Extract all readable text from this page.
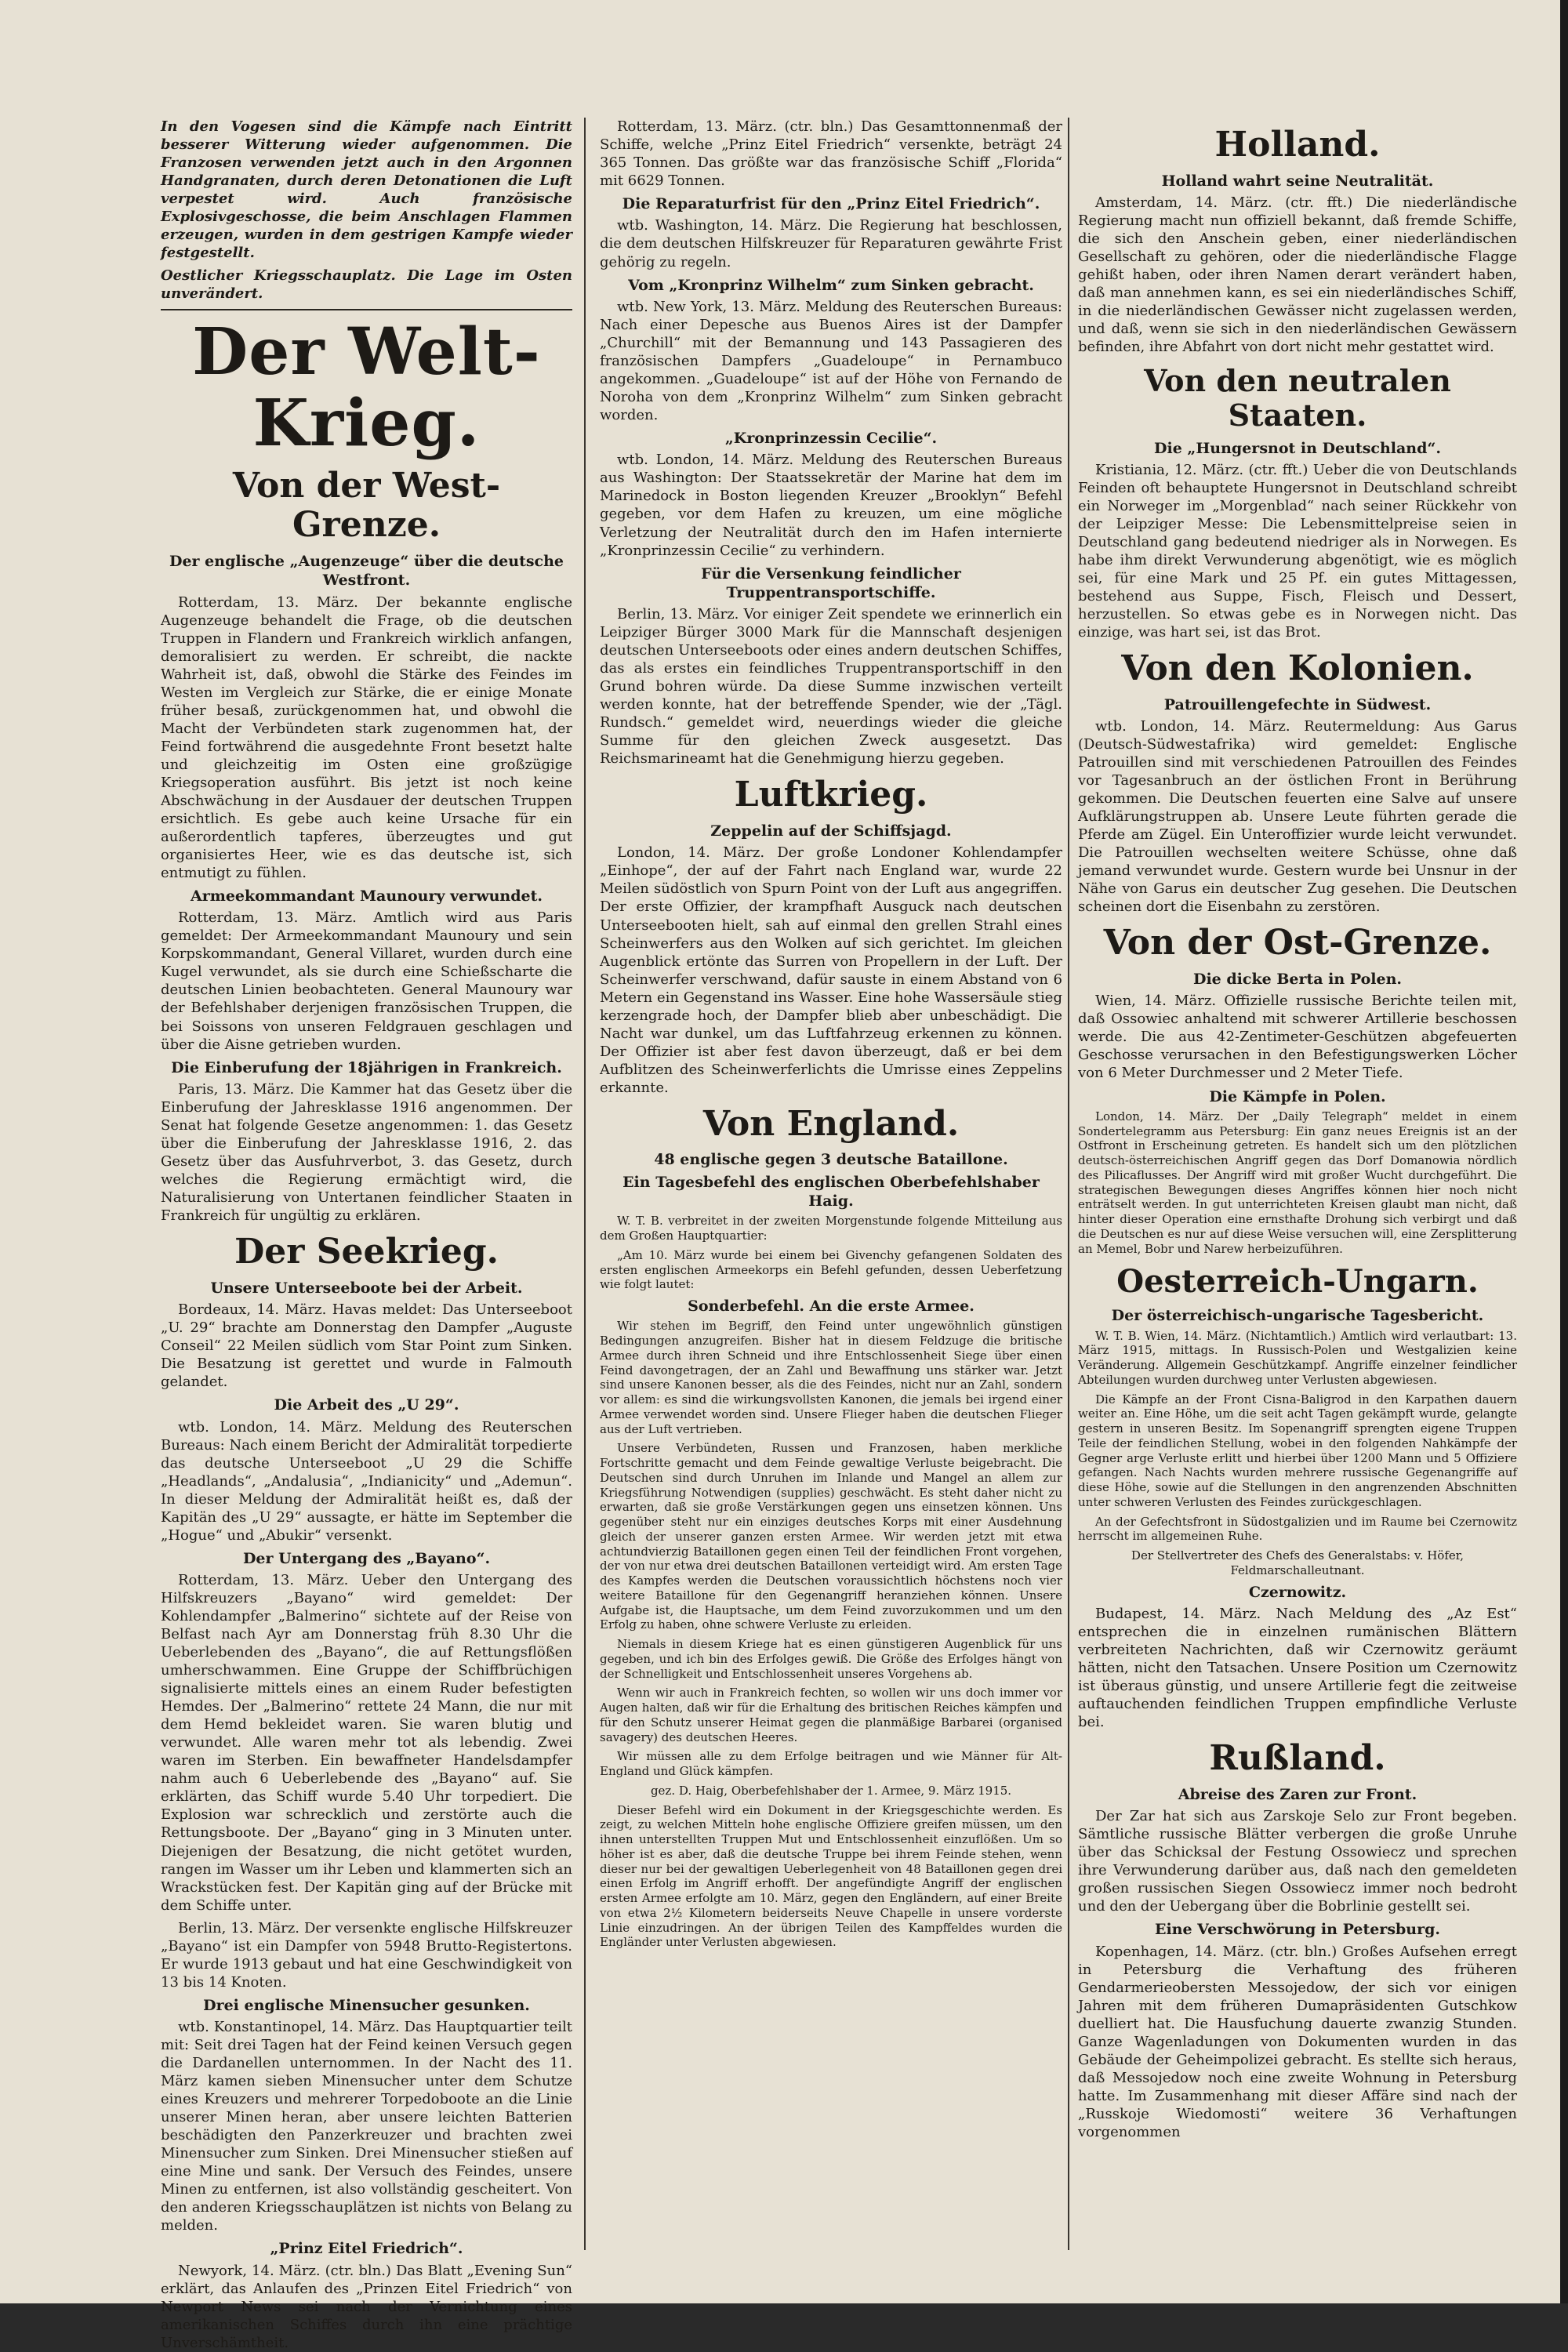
In den Vogesen sind die Kämpfe nach Eintritt besserer Witterung wieder aufgenommen. Die Franzosen verwenden jetzt auch in den Argonnen Handgranaten, durch deren Detonationen die Luft verpestet wird. Auch französische Explosivgeschosse, die beim Anschlagen Flammen erzeugen, wurden in dem gestrigen Kampfe wieder festgestellt.

Oestlicher Kriegsschauplatz. Die Lage im Osten unverändert.

Der Welt-Krieg.
Von der West-Grenze.
Der englische „Augenzeuge“ über die deutsche Westfront.

Rotterdam, 13. März. Der bekannte englische Augenzeuge behandelt die Frage, ob die deutschen Truppen in Flandern und Frankreich wirklich anfangen, demoralisiert zu werden. Er schreibt, die nackte Wahrheit ist, daß, obwohl die Stärke des Feindes im Westen im Vergleich zur Stärke, die er einige Monate früher besaß, zurückgenommen hat, und obwohl die Macht der Verbündeten stark zugenommen hat, der Feind fortwährend die ausgedehnte Front besetzt halte und gleichzeitig im Osten eine großzügige Kriegsoperation ausführt. Bis jetzt ist noch keine Abschwächung in der Ausdauer der deutschen Truppen ersichtlich. Es gebe auch keine Ursache für ein außerordentlich tapferes, überzeugtes und gut organisiertes Heer, wie es das deutsche ist, sich entmutigt zu fühlen.

Armeekommandant Maunoury verwundet.

Rotterdam, 13. März. Amtlich wird aus Paris gemeldet: Der Armeekommandant Maunoury und sein Korpskommandant, General Villaret, wurden durch eine Kugel verwundet, als sie durch eine Schießscharte die deutschen Linien beobachteten. General Maunoury war der Befehlshaber derjenigen französischen Truppen, die bei Soissons von unseren Feldgrauen geschlagen und über die Aisne getrieben wurden.

Die Einberufung der 18jährigen in Frankreich.

Paris, 13. März. Die Kammer hat das Gesetz über die Einberufung der Jahresklasse 1916 angenommen. Der Senat hat folgende Gesetze angenommen: 1. das Gesetz über die Einberufung der Jahresklasse 1916, 2. das Gesetz über das Ausfuhrverbot, 3. das Gesetz, durch welches die Regierung ermächtigt wird, die Naturalisierung von Untertanen feindlicher Staaten in Frankreich für ungültig zu erklären.

Der Seekrieg.
Unsere Unterseeboote bei der Arbeit.

Bordeaux, 14. März. Havas meldet: Das Unterseeboot „U. 29“ brachte am Donnerstag den Dampfer „Auguste Conseil“ 22 Meilen südlich vom Star Point zum Sinken. Die Besatzung ist gerettet und wurde in Falmouth gelandet.

Die Arbeit des „U 29“.

wtb. London, 14. März. Meldung des Reuterschen Bureaus: Nach einem Bericht der Admiralität torpedierte das deutsche Unterseeboot „U 29 die Schiffe „Headlands“, „Andalusia“, „Indianicity“ und „Ademun“. In dieser Meldung der Admiralität heißt es, daß der Kapitän des „U 29“ aussagte, er hätte im September die „Hogue“ und „Abukir“ versenkt.

Der Untergang des „Bayano“.

Rotterdam, 13. März. Ueber den Untergang des Hilfskreuzers „Bayano“ wird gemeldet: Der Kohlendampfer „Balmerino“ sichtete auf der Reise von Belfast nach Ayr am Donnerstag früh 8.30 Uhr die Ueberlebenden des „Bayano“, die auf Rettungsflößen umherschwammen. Eine Gruppe der Schiffbrüchigen signalisierte mittels eines an einem Ruder befestigten Hemdes. Der „Balmerino“ rettete 24 Mann, die nur mit dem Hemd bekleidet waren. Sie waren blutig und verwundet. Alle waren mehr tot als lebendig. Zwei waren im Sterben. Ein bewaffneter Handelsdampfer nahm auch 6 Ueberlebende des „Bayano“ auf. Sie erklärten, das Schiff wurde 5.40 Uhr torpediert. Die Explosion war schrecklich und zerstörte auch die Rettungsboote. Der „Bayano“ ging in 3 Minuten unter. Diejenigen der Besatzung, die nicht getötet wurden, rangen im Wasser um ihr Leben und klammerten sich an Wrackstücken fest. Der Kapitän ging auf der Brücke mit dem Schiffe unter.

Berlin, 13. März. Der versenkte englische Hilfskreuzer „Bayano“ ist ein Dampfer von 5948 Brutto-Registertons. Er wurde 1913 gebaut und hat eine Geschwindigkeit von 13 bis 14 Knoten.

Drei englische Minensucher gesunken.

wtb. Konstantinopel, 14. März. Das Hauptquartier teilt mit: Seit drei Tagen hat der Feind keinen Versuch gegen die Dardanellen unternommen. In der Nacht des 11. März kamen sieben Minensucher unter dem Schutze eines Kreuzers und mehrerer Torpedoboote an die Linie unserer Minen heran, aber unsere leichten Batterien beschädigten den Panzerkreuzer und brachten zwei Minensucher zum Sinken. Drei Minensucher stießen auf eine Mine und sank. Der Versuch des Feindes, unsere Minen zu entfernen, ist also vollständig gescheitert. Von den anderen Kriegsschauplätzen ist nichts von Belang zu melden.

„Prinz Eitel Friedrich“.

Newyork, 14. März. (ctr. bln.) Das Blatt „Evening Sun“ erklärt, das Anlaufen des „Prinzen Eitel Friedrich“ von Newport News sei nach der Vernichtung eines amerikanischen Schiffes durch ihn eine prächtige Unverschämtheit.

Rotterdam, 13. März. (ctr. bln.) Das Gesamttonnenmaß der Schiffe, welche „Prinz Eitel Friedrich“ versenkte, beträgt 24 365 Tonnen. Das größte war das französische Schiff „Florida“ mit 6629 Tonnen.

Die Reparaturfrist für den „Prinz Eitel Friedrich“.

wtb. Washington, 14. März. Die Regierung hat beschlossen, die dem deutschen Hilfskreuzer für Reparaturen gewährte Frist gehörig zu regeln.

Vom „Kronprinz Wilhelm“ zum Sinken gebracht.

wtb. New York, 13. März. Meldung des Reuterschen Bureaus: Nach einer Depesche aus Buenos Aires ist der Dampfer „Churchill“ mit der Bemannung und 143 Passagieren des französischen Dampfers „Guadeloupe“ in Pernambuco angekommen. „Guadeloupe“ ist auf der Höhe von Fernando de Noroha von dem „Kronprinz Wilhelm“ zum Sinken gebracht worden.

„Kronprinzessin Cecilie“.

wtb. London, 14. März. Meldung des Reuterschen Bureaus aus Washington: Der Staatssekretär der Marine hat dem im Marinedock in Boston liegenden Kreuzer „Brooklyn“ Befehl gegeben, vor dem Hafen zu kreuzen, um eine mögliche Verletzung der Neutralität durch den im Hafen internierte „Kronprinzessin Cecilie“ zu verhindern.

Für die Versenkung feindlicher Truppentransportschiffe.

Berlin, 13. März. Vor einiger Zeit spendete we erinnerlich ein Leipziger Bürger 3000 Mark für die Mannschaft desjenigen deutschen Unterseeboots oder eines andern deutschen Schiffes, das als erstes ein feindliches Truppentransportschiff in den Grund bohren würde. Da diese Summe inzwischen verteilt werden konnte, hat der betreffende Spender, wie der „Tägl. Rundsch.“ gemeldet wird, neuerdings wieder die gleiche Summe für den gleichen Zweck ausgesetzt. Das Reichsmarineamt hat die Genehmigung hierzu gegeben.

Luftkrieg.
Zeppelin auf der Schiffsjagd.

London, 14. März. Der große Londoner Kohlendampfer „Einhope“, der auf der Fahrt nach England war, wurde 22 Meilen südöstlich von Spurn Point von der Luft aus angegriffen. Der erste Offizier, der krampfhaft Ausguck nach deutschen Unterseebooten hielt, sah auf einmal den grellen Strahl eines Scheinwerfers aus den Wolken auf sich gerichtet. Im gleichen Augenblick ertönte das Surren von Propellern in der Luft. Der Scheinwerfer verschwand, dafür sauste in einem Abstand von 6 Metern ein Gegenstand ins Wasser. Eine hohe Wassersäule stieg kerzengrade hoch, der Dampfer blieb aber unbeschädigt. Die Nacht war dunkel, um das Luftfahrzeug erkennen zu können. Der Offizier ist aber fest davon überzeugt, daß er bei dem Aufblitzen des Scheinwerferlichts die Umrisse eines Zeppelins erkannte.

Von England.
48 englische gegen 3 deutsche Bataillone.
Ein Tagesbefehl des englischen Oberbefehlshaber Haig.

W. T. B. verbreitet in der zweiten Morgenstunde folgende Mitteilung aus dem Großen Hauptquartier:

„Am 10. März wurde bei einem bei Givenchy gefangenen Soldaten des ersten englischen Armeekorps ein Befehl gefunden, dessen Ueberfetzung wie folgt lautet:

Sonderbefehl. An die erste Armee.

Wir stehen im Begriff, den Feind unter ungewöhnlich günstigen Bedingungen anzugreifen. Bisher hat in diesem Feldzuge die britische Armee durch ihren Schneid und ihre Entschlossenheit Siege über einen Feind davongetragen, der an Zahl und Bewaffnung uns stärker war. Jetzt sind unsere Kanonen besser, als die des Feindes, nicht nur an Zahl, sondern vor allem: es sind die wirkungsvollsten Kanonen, die jemals bei irgend einer Armee verwendet worden sind. Unsere Flieger haben die deutschen Flieger aus der Luft vertrieben.

Unsere Verbündeten, Russen und Franzosen, haben merkliche Fortschritte gemacht und dem Feinde gewaltige Verluste beigebracht. Die Deutschen sind durch Unruhen im Inlande und Mangel an allem zur Kriegsführung Notwendigen (supplies) geschwächt. Es steht daher nicht zu erwarten, daß sie große Verstärkungen gegen uns einsetzen können. Uns gegenüber steht nur ein einziges deutsches Korps mit einer Ausdehnung gleich der unserer ganzen ersten Armee. Wir werden jetzt mit etwa achtundvierzig Bataillonen gegen einen Teil der feindlichen Front vorgehen, der von nur etwa drei deutschen Bataillonen verteidigt wird. Am ersten Tage des Kampfes werden die Deutschen voraussichtlich höchstens noch vier weitere Bataillone für den Gegenangriff heranziehen können. Unsere Aufgabe ist, die Hauptsache, um dem Feind zuvorzukommen und um den Erfolg zu haben, ohne schwere Verluste zu erleiden.

Niemals in diesem Kriege hat es einen günstigeren Augenblick für uns gegeben, und ich bin des Erfolges gewiß. Die Größe des Erfolges hängt von der Schnelligkeit und Entschlossenheit unseres Vorgehens ab.

Wenn wir auch in Frankreich fechten, so wollen wir uns doch immer vor Augen halten, daß wir für die Erhaltung des britischen Reiches kämpfen und für den Schutz unserer Heimat gegen die planmäßige Barbarei (organised savagery) des deutschen Heeres.

Wir müssen alle zu dem Erfolge beitragen und wie Männer für Alt-England und Glück kämpfen.

gez. D. Haig, Oberbefehlshaber der 1. Armee, 9. März 1915.

Dieser Befehl wird ein Dokument in der Kriegsgeschichte werden. Es zeigt, zu welchen Mitteln hohe englische Offiziere greifen müssen, um den ihnen unterstellten Truppen Mut und Entschlossenheit einzuflößen. Um so höher ist es aber, daß die deutsche Truppe bei ihrem Feinde stehen, wenn dieser nur bei der gewaltigen Ueberlegenheit von 48 Bataillonen gegen drei einen Erfolg im Angriff erhofft. Der angefündigte Angriff der englischen ersten Armee erfolgte am 10. März, gegen den Engländern, auf einer Breite von etwa 2½ Kilometern beiderseits Neuve Chapelle in unsere vorderste Linie einzudringen. An der übrigen Teilen des Kampffeldes wurden die Engländer unter Verlusten abgewiesen.

Holland.
Holland wahrt seine Neutralität.

Amsterdam, 14. März. (ctr. fft.) Die niederländische Regierung macht nun offiziell bekannt, daß fremde Schiffe, die sich den Anschein geben, einer niederländischen Gesellschaft zu gehören, oder die niederländische Flagge gehißt haben, oder ihren Namen derart verändert haben, daß man annehmen kann, es sei ein niederländisches Schiff, in die niederländischen Gewässer nicht zugelassen werden, und daß, wenn sie sich in den niederländischen Gewässern befinden, ihre Abfahrt von dort nicht mehr gestattet wird.

Von den neutralen Staaten.
Die „Hungersnot in Deutschland“.

Kristiania, 12. März. (ctr. fft.) Ueber die von Deutschlands Feinden oft behauptete Hungersnot in Deutschland schreibt ein Norweger im „Morgenblad“ nach seiner Rückkehr von der Leipziger Messe: Die Lebensmittelpreise seien in Deutschland gang bedeutend niedriger als in Norwegen. Es habe ihm direkt Verwunderung abgenötigt, wie es möglich sei, für eine Mark und 25 Pf. ein gutes Mittagessen, bestehend aus Suppe, Fisch, Fleisch und Dessert, herzustellen. So etwas gebe es in Norwegen nicht. Das einzige, was hart sei, ist das Brot.

Von den Kolonien.
Patrouillengefechte in Südwest.

wtb. London, 14. März. Reutermeldung: Aus Garus (Deutsch-Südwestafrika) wird gemeldet: Englische Patrouillen sind mit verschiedenen Patrouillen des Feindes vor Tagesanbruch an der östlichen Front in Berührung gekommen. Die Deutschen feuerten eine Salve auf unsere Aufklärungstruppen ab. Unsere Leute führten gerade die Pferde am Zügel. Ein Unteroffizier wurde leicht verwundet. Die Patrouillen wechselten weitere Schüsse, ohne daß jemand verwundet wurde. Gestern wurde bei Unsnur in der Nähe von Garus ein deutscher Zug gesehen. Die Deutschen scheinen dort die Eisenbahn zu zerstören.

Von der Ost-Grenze.
Die dicke Berta in Polen.

Wien, 14. März. Offizielle russische Berichte teilen mit, daß Ossowiec anhaltend mit schwerer Artillerie beschossen werde. Die aus 42-Zentimeter-Geschützen abgefeuerten Geschosse verursachen in den Befestigungswerken Löcher von 6 Meter Durchmesser und 2 Meter Tiefe.

Die Kämpfe in Polen.

London, 14. März. Der „Daily Telegraph“ meldet in einem Sondertelegramm aus Petersburg: Ein ganz neues Ereignis ist an der Ostfront in Erscheinung getreten. Es handelt sich um den plötzlichen deutsch-österreichischen Angriff gegen das Dorf Domanowia nördlich des Pilicaflusses. Der Angriff wird mit großer Wucht durchgeführt. Die strategischen Bewegungen dieses Angriffes können hier noch nicht enträtselt werden. In gut unterrichteten Kreisen glaubt man nicht, daß hinter dieser Operation eine ernsthafte Drohung sich verbirgt und daß die Deutschen es nur auf diese Weise versuchen will, eine Zersplitterung an Memel, Bobr und Narew herbeizuführen.

Oesterreich-Ungarn.
Der österreichisch-ungarische Tagesbericht.

W. T. B. Wien, 14. März. (Nichtamtlich.) Amtlich wird verlautbart: 13. März 1915, mittags. In Russisch-Polen und Westgalizien keine Veränderung. Allgemein Geschützkampf. Angriffe einzelner feindlicher Abteilungen wurden durchweg unter Verlusten abgewiesen.

Die Kämpfe an der Front Cisna-Baligrod in den Karpathen dauern weiter an. Eine Höhe, um die seit acht Tagen gekämpft wurde, gelangte gestern in unseren Besitz. Im Sopenangriff sprengten eigene Truppen Teile der feindlichen Stellung, wobei in den folgenden Nahkämpfe der Gegner arge Verluste erlitt und hierbei über 1200 Mann und 5 Offiziere gefangen. Nach Nachts wurden mehrere russische Gegenangriffe auf diese Höhe, sowie auf die Stellungen in den angrenzenden Abschnitten unter schweren Verlusten des Feindes zurückgeschlagen.

An der Gefechtsfront in Südostgalizien und im Raume bei Czernowitz herrscht im allgemeinen Ruhe.

Der Stellvertreter des Chefs des Generalstabs: v. Höfer, Feldmarschalleutnant.

Czernowitz.

Budapest, 14. März. Nach Meldung des „Az Est“ entsprechen die in einzelnen rumänischen Blättern verbreiteten Nachrichten, daß wir Czernowitz geräumt hätten, nicht den Tatsachen. Unsere Position um Czernowitz ist überaus günstig, und unsere Artillerie fegt die zeitweise auftauchenden feindlichen Truppen empfindliche Verluste bei.

Rußland.
Abreise des Zaren zur Front.

Der Zar hat sich aus Zarskoje Selo zur Front begeben. Sämtliche russische Blätter verbergen die große Unruhe über das Schicksal der Festung Ossowiecz und sprechen ihre Verwunderung darüber aus, daß nach den gemeldeten großen russischen Siegen Ossowiecz immer noch bedroht und den der Uebergang über die Bobrlinie gestellt sei.

Eine Verschwörung in Petersburg.

Kopenhagen, 14. März. (ctr. bln.) Großes Aufsehen erregt in Petersburg die Verhaftung des früheren Gendarmerieobersten Messojedow, der sich vor einigen Jahren mit dem früheren Dumapräsidenten Gutschkow duelliert hat. Die Hausfuchung dauerte zwanzig Stunden. Ganze Wagenladungen von Dokumenten wurden in das Gebäude der Geheimpolizei gebracht. Es stellte sich heraus, daß Messojedow noch eine zweite Wohnung in Petersburg hatte. Im Zusammenhang mit dieser Affäre sind nach der „Russkoje Wiedomosti“ weitere 36 Verhaftungen vorgenommen
